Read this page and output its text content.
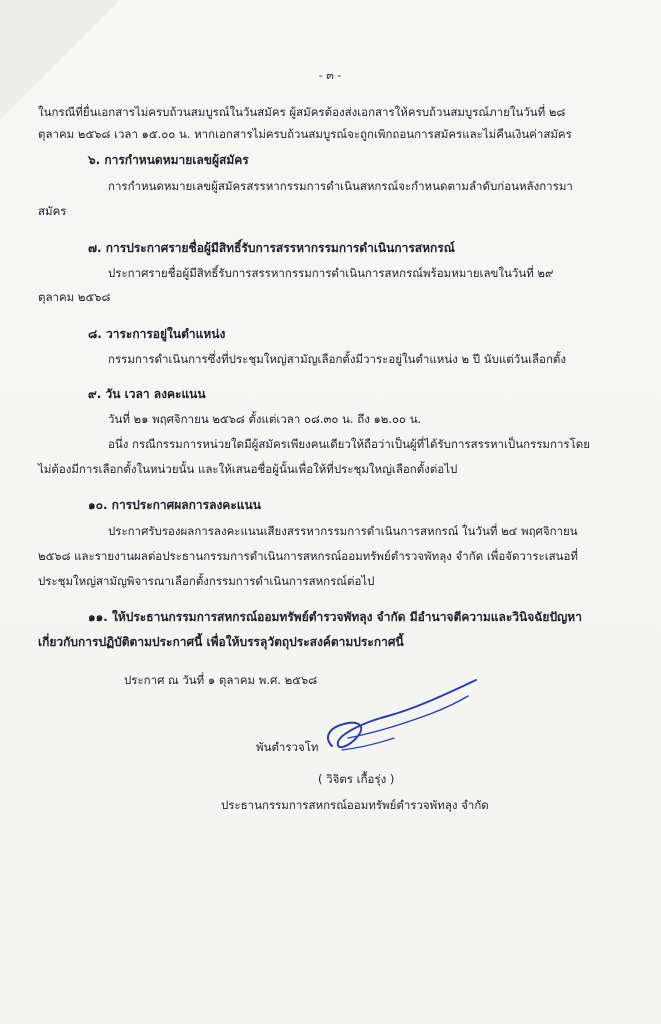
- ๓ -
ในกรณีที่ยื่นเอกสารไม่ครบถ้วนสมบูรณ์ในวันสมัคร ผู้สมัครต้องส่งเอกสารให้ครบถ้วนสมบูรณ์ภายในวันที่ ๒๘
ตุลาคม ๒๕๖๘ เวลา ๑๕.๐๐ น. หากเอกสารไม่ครบถ้วนสมบูรณ์จะถูกเพิกถอนการสมัครและไม่คืนเงินค่าสมัคร
๖. การกำหนดหมายเลขผู้สมัคร
การกำหนดหมายเลขผู้สมัครสรรหากรรมการดำเนินสหกรณ์จะกำหนดตามลำดับก่อนหลังการมา
สมัคร
๗. การประกาศรายชื่อผู้มีสิทธิ์รับการสรรหากรรมการดำเนินการสหกรณ์
ประกาศรายชื่อผู้มีสิทธิ์รับการสรรหากรรมการดำเนินการสหกรณ์พร้อมหมายเลขในวันที่ ๒๙
ตุลาคม ๒๕๖๘
๘. วาระการอยู่ในตำแหน่ง
กรรมการดำเนินการซึ่งที่ประชุมใหญ่สามัญเลือกตั้งมีวาระอยู่ในตำแหน่ง ๒ ปี นับแต่วันเลือกตั้ง
๙. วัน เวลา ลงคะแนน
วันที่ ๒๑ พฤศจิกายน ๒๕๖๘ ตั้งแต่เวลา ๐๘.๓๐ น. ถึง ๑๒.๐๐ น.
อนึ่ง กรณีกรรมการหน่วยใดมีผู้สมัครเพียงคนเดียวให้ถือว่าเป็นผู้ที่ได้รับการสรรหาเป็นกรรมการโดย
ไม่ต้องมีการเลือกตั้งในหน่วยนั้น และให้เสนอชื่อผู้นั้นเพื่อให้ที่ประชุมใหญ่เลือกตั้งต่อไป
๑๐. การประกาศผลการลงคะแนน
ประกาศรับรองผลการลงคะแนนเสียงสรรหากรรมการดำเนินการสหกรณ์ ในวันที่ ๒๔ พฤศจิกายน
๒๕๖๘ และรายงานผลต่อประธานกรรมการดำเนินการสหกรณ์ออมทรัพย์ตำรวจพัทลุง จำกัด เพื่อจัดวาระเสนอที่
ประชุมใหญ่สามัญพิจารณาเลือกตั้งกรรมการดำเนินการสหกรณ์ต่อไป
๑๑. ให้ประธานกรรมการสหกรณ์ออมทรัพย์ตำรวจพัทลุง จำกัด มีอำนาจตีความและวินิจฉัยปัญหา
เกี่ยวกับการปฏิบัติตามประกาศนี้ เพื่อให้บรรลุวัตถุประสงค์ตามประกาศนี้
ประกาศ ณ วันที่ ๑ ตุลาคม พ.ศ. ๒๕๖๘
พันตำรวจโท
( วิจิตร เกื้อรุ่ง )
ประธานกรรมการสหกรณ์ออมทรัพย์ตำรวจพัทลุง จำกัด
